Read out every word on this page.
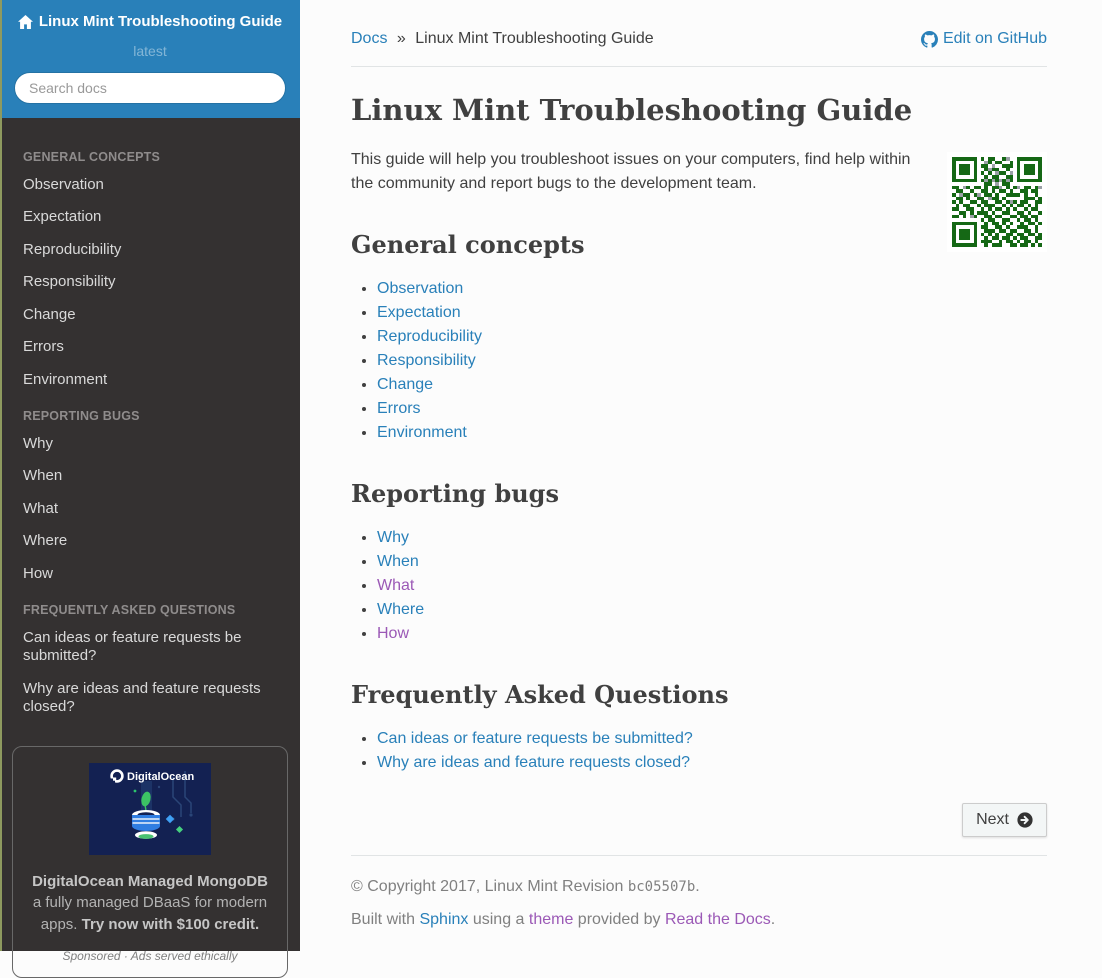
Linux Mint Troubleshooting Guide
latest
Search docs
GENERAL CONCEPTS
Observation
Expectation
Reproducibility
Responsibility
Change
Errors
Environment
REPORTING BUGS
Why
When
What
Where
How
FREQUENTLY ASKED QUESTIONS
Can ideas or feature requests be submitted?
Why are ideas and feature requests closed?
DigitalOcean
DigitalOcean Managed MongoDB a fully managed DBaaS for modern apps. Try now with $100 credit.
Sponsored · Ads served ethically
Edit on GitHub
Docs » Linux Mint Troubleshooting Guide
Linux Mint Troubleshooting Guide

This guide will help you troubleshoot issues on your computers, find help within the community and report bugs to the development team.

General concepts
• Observation
• Expectation
• Reproducibility
• Responsibility
• Change
• Errors
• Environment
Reporting bugs
• Why
• When
• What
• Where
• How
Frequently Asked Questions
• Can ideas or feature requests be submitted?
• Why are ideas and feature requests closed?
Next

© Copyright 2017, Linux Mint Revision bc05507b.

Built with Sphinx using a theme provided by Read the Docs.
